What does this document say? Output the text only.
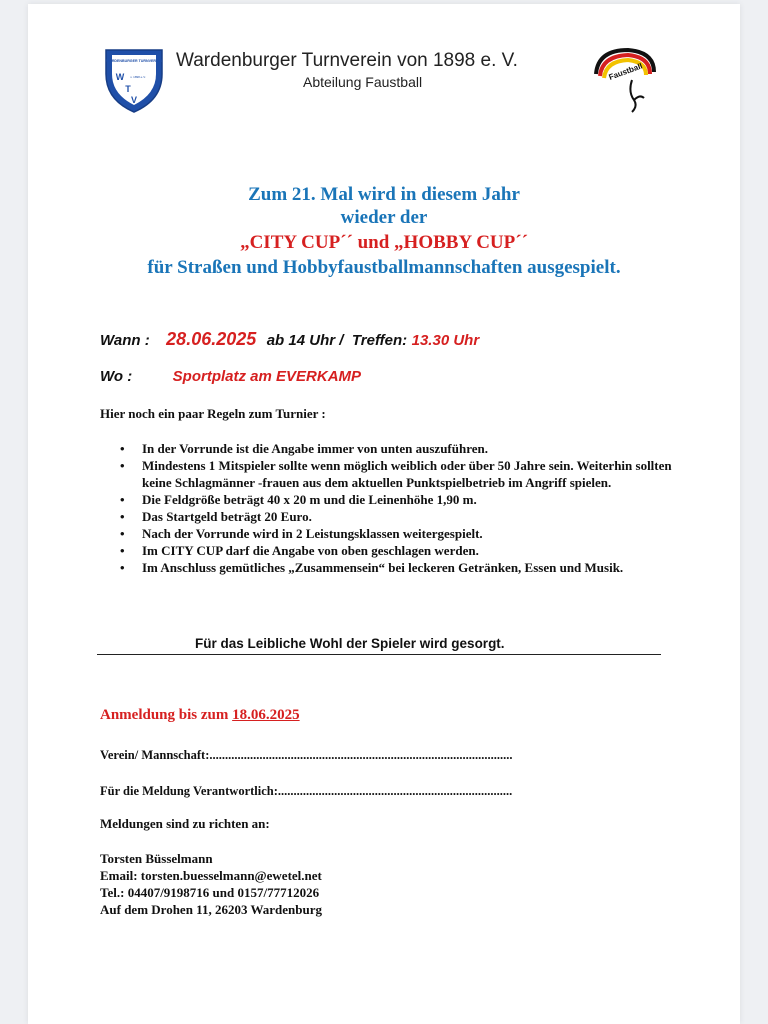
WARDENBURGER TURNVEREIN
v. 1898 e.V.
W
T
V
Wardenburger Turnverein von 1898 e. V.
Abteilung Faustball
Faustball
Zum 21. Mal wird in diesem Jahr
wieder der
„CITY CUP´´ und „HOBBY CUP´´
für Straßen und Hobbyfaustballmannschaften ausgespielt.
Wann : 28.06.2025 ab 14 Uhr / Treffen: 13.30 Uhr
Wo :	Sportplatz am EVERKAMP
Hier noch ein paar Regeln zum Turnier :
• In der Vorrunde ist die Angabe immer von unten auszuführen.
• Mindestens 1 Mitspieler sollte wenn möglich weiblich oder über 50 Jahre sein. Weiterhin sollten keine Schlagmänner -frauen aus dem aktuellen Punktspielbetrieb im Angriff spielen.
• Die Feldgröße beträgt 40 x 20 m und die Leinenhöhe 1,90 m.
• Das Startgeld beträgt 20 Euro.
• Nach der Vorrunde wird in 2 Leistungsklassen weitergespielt.
• Im CITY CUP darf die Angabe von oben geschlagen werden.
• Im Anschluss gemütliches „Zusammensein“ bei leckeren Getränken, Essen und Musik.
Für das Leibliche Wohl der Spieler wird gesorgt.
Anmeldung bis zum 18.06.2025
Verein/ Mannschaft:.................................................................................................
Für die Meldung Verantwortlich:...........................................................................
Meldungen sind zu richten an:
Torsten Büsselmann
Email: torsten.buesselmann@ewetel.net
Tel.: 04407/9198716 und 0157/77712026
Auf dem Drohen 11, 26203 Wardenburg
